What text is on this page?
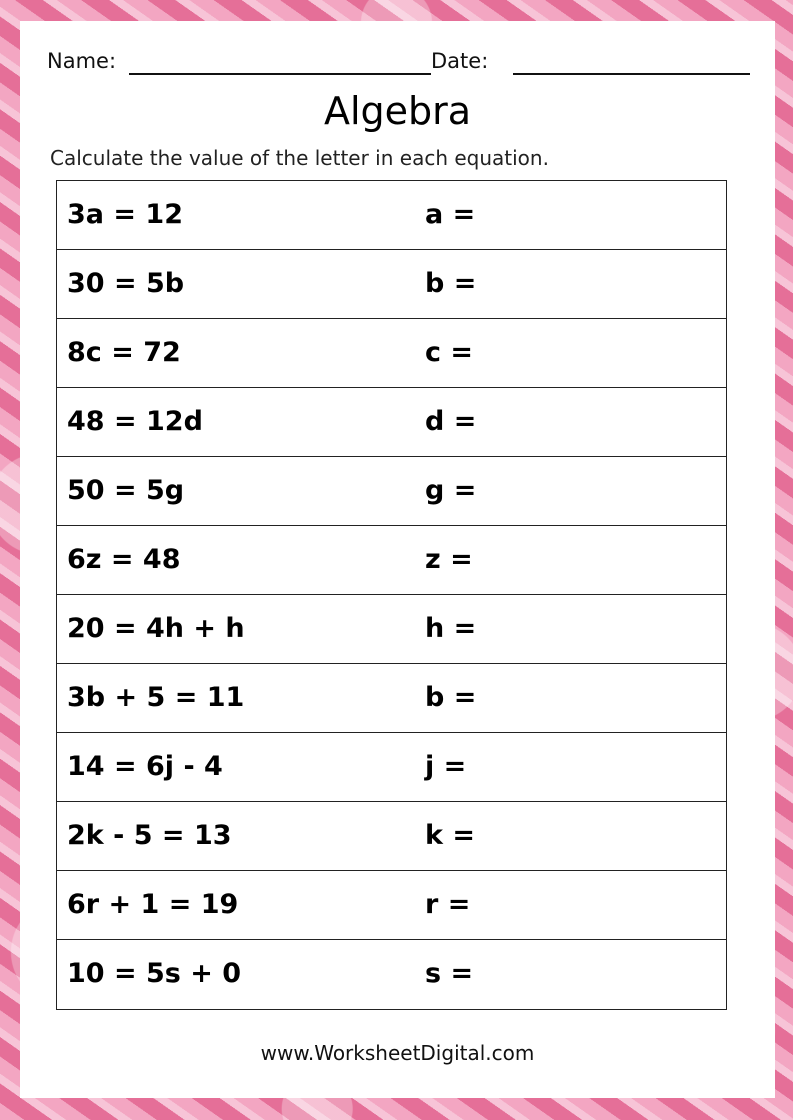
Name:	Date:
Algebra
Calculate the value of the letter in each equation.
3a = 12	a =
30 = 5b	b =
8c = 72	c =
48 = 12d	d =
50 = 5g	g =
6z = 48	z =
20 = 4h + h	h =
3b + 5 = 11	b =
14 = 6j - 4	j =
2k - 5 = 13	k =
6r + 1 = 19	r =
10 = 5s + 0	s =
www.WorksheetDigital.com
